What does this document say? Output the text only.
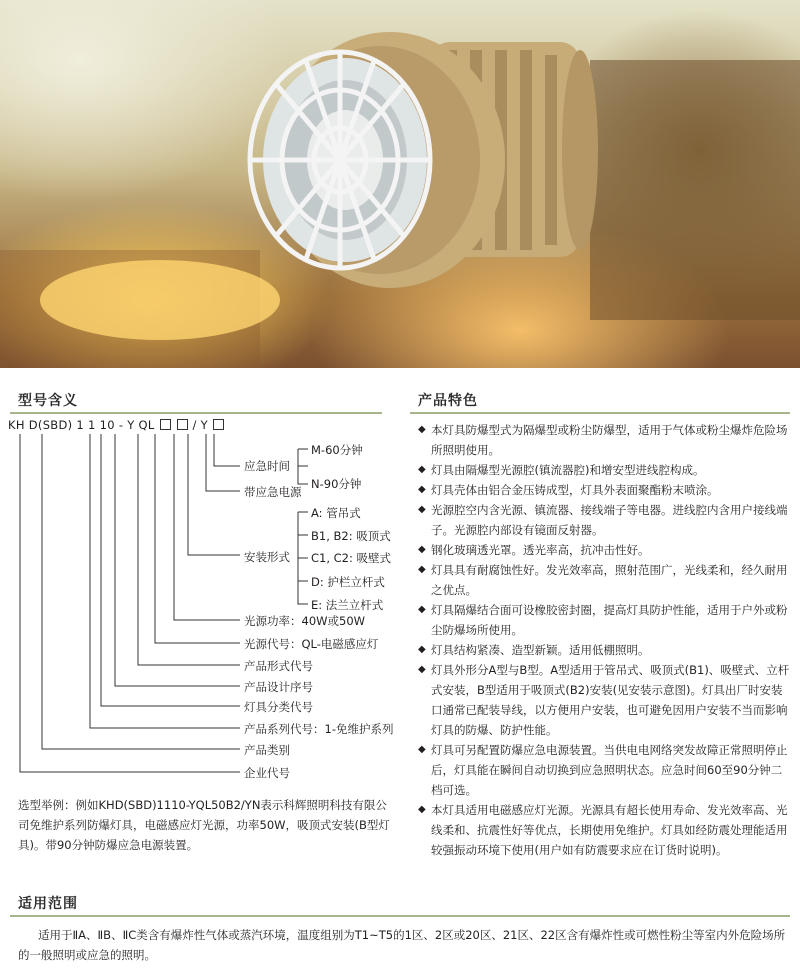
型号含义
KH D(SBD) 1 1 10 - Y QL	/ Y
应急时间
M-60分钟
N-90分钟
带应急电源
A: 管吊式
B1, B2: 吸顶式
安装形式 C1, C2: 吸壁式
D: 护栏立杆式
E: 法兰立杆式
光源功率：40W或50W
光源代号：QL-电磁感应灯
产品形式代号
产品设计序号
灯具分类代号
产品系列代号：1-免维护系列
产品类别
企业代号
选型举例：例如KHD(SBD)1110-YQL50B2/YN表示科辉照明科技有限公司免维护系列防爆灯具，电磁感应灯光源，功率50W，吸顶式安装(B型灯具)。带90分钟防爆应急电源装置。
产品特色
◆ 本灯具防爆型式为隔爆型或粉尘防爆型，适用于气体或粉尘爆炸危险场所照明使用。
◆ 灯具由隔爆型光源腔(镇流器腔)和增安型进线腔构成。
◆ 灯具壳体由铝合金压铸成型，灯具外表面聚酯粉末喷涂。
◆ 光源腔空内含光源、镇流器、接线端子等电器。进线腔内含用户接线端子。光源腔内部设有镜面反射器。
◆ 钢化玻璃透光罩。透光率高，抗冲击性好。
◆ 灯具具有耐腐蚀性好。发光效率高，照射范围广，光线柔和，经久耐用之优点。
◆ 灯具隔爆结合面可设橡胶密封圈，提高灯具防护性能，适用于户外或粉尘防爆场所使用。
◆ 灯具结构紧凑、造型新颖。适用低棚照明。
◆ 灯具外形分A型与B型。A型适用于管吊式、吸顶式(B1)、吸壁式、立杆式安装，B型适用于吸顶式(B2)安装(见安装示意图)。灯具出厂时安装口通常已配装导线，以方便用户安装，也可避免因用户安装不当而影响灯具的防爆、防护性能。
◆ 灯具可另配置防爆应急电源装置。当供电电网络突发故障正常照明停止后，灯具能在瞬间自动切换到应急照明状态。应急时间60至90分钟二档可选。
◆ 本灯具适用电磁感应灯光源。光源具有超长使用寿命、发光效率高、光线柔和、抗震性好等优点，长期使用免维护。灯具如经防震处理能适用较强振动环境下使用(用户如有防震要求应在订货时说明)。
适用范围
适用于ⅡA、ⅡB、ⅡC类含有爆炸性气体或蒸汽环境，温度组别为T1~T5的1区、2区或20区、21区、22区含有爆炸性或可燃性粉尘等室内外危险场所的一般照明或应急的照明。
